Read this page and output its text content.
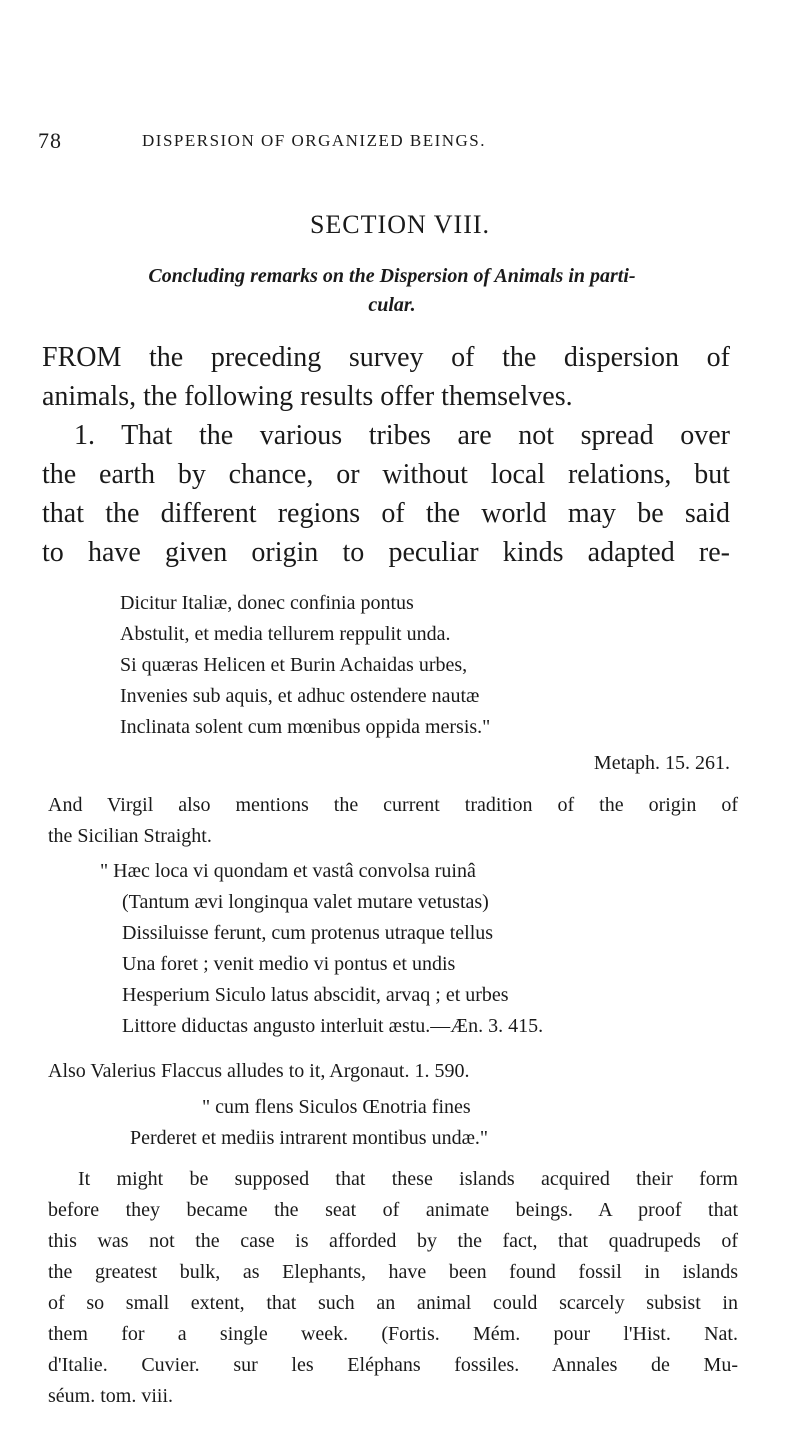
78	DISPERSION OF ORGANIZED BEINGS.
SECTION VIII.
Concluding remarks on the Dispersion of Animals in parti-
cular.
FROM the preceding survey of the dispersion of
animals, the following results offer themselves.
1. That the various tribes are not spread over
the earth by chance, or without local relations, but
that the different regions of the world may be said
to have given origin to peculiar kinds adapted re-
Dicitur Italiæ, donec confinia pontus
Abstulit, et media tellurem reppulit unda.
Si quæras Helicen et Burin Achaidas urbes,
Invenies sub aquis, et adhuc ostendere nautæ
Inclinata solent cum mœnibus oppida mersis."
Metaph. 15. 261.
And Virgil also mentions the current tradition of the origin of
the Sicilian Straight.
" Hæc loca vi quondam et vastâ convolsa ruinâ
(Tantum ævi longinqua valet mutare vetustas)
Dissiluisse ferunt, cum protenus utraque tellus
Una foret ; venit medio vi pontus et undis
Hesperium Siculo latus abscidit, arvaq ; et urbes
Littore diductas angusto interluit æstu.—Æn. 3. 415.
Also Valerius Flaccus alludes to it, Argonaut. 1. 590.
" cum flens Siculos Œnotria fines
Perderet et mediis intrarent montibus undæ."
It might be supposed that these islands acquired their form
before they became the seat of animate beings. A proof that
this was not the case is afforded by the fact, that quadrupeds of
the greatest bulk, as Elephants, have been found fossil in islands
of so small extent, that such an animal could scarcely subsist in
them for a single week. (Fortis. Mém. pour l'Hist. Nat.
d'Italie. Cuvier. sur les Eléphans fossiles. Annales de Mu-
séum. tom. viii.
